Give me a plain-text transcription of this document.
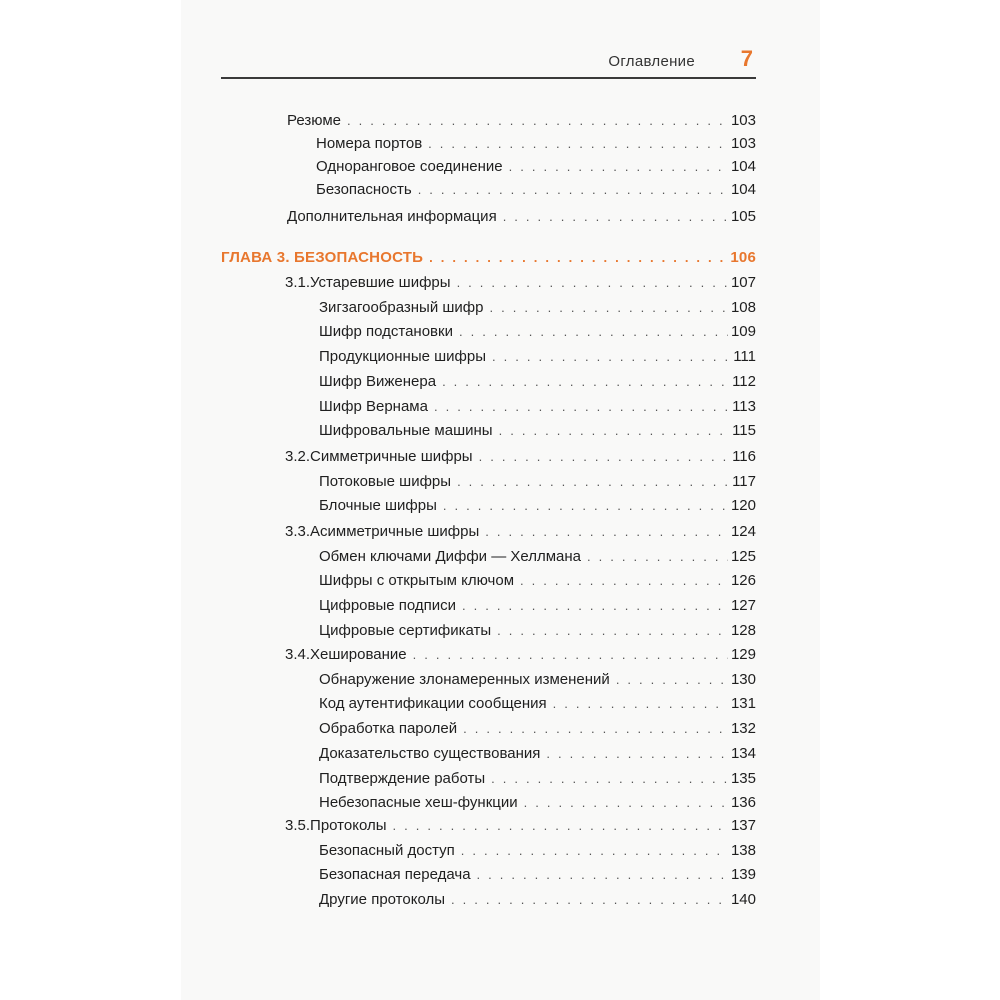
Оглавление 7
Резюме . . .	103
Номера портов . . .	103
Одноранговое соединение . . .	104
Безопасность . . .	104
Дополнительная информация . . .	105
ГЛАВА 3. БЕЗОПАСНОСТЬ . . .	106
3.1. Устаревшие шифры . . .	107
Зигзагообразный шифр . . .	108
Шифр подстановки . . .	109
Продукционные шифры . . .	111
Шифр Виженера . . .	112
Шифр Вернама . . .	113
Шифровальные машины . . .	115
3.2. Симметричные шифры . . .	116
Потоковые шифры . . .	117
Блочные шифры . . .	120
3.3. Асимметричные шифры . . .	124
Обмен ключами Диффи — Хеллмана . . .	125
Шифры с открытым ключом . . .	126
Цифровые подписи . . .	127
Цифровые сертификаты . . .	128
3.4. Хеширование . . .	129
Обнаружение злонамеренных изменений . . .	130
Код аутентификации сообщения . . .	131
Обработка паролей . . .	132
Доказательство существования . . .	134
Подтверждение работы . . .	135
Небезопасные хеш-функции . . .	136
3.5. Протоколы . . .	137
Безопасный доступ . . .	138
Безопасная передача . . .	139
Другие протоколы . . .	140
